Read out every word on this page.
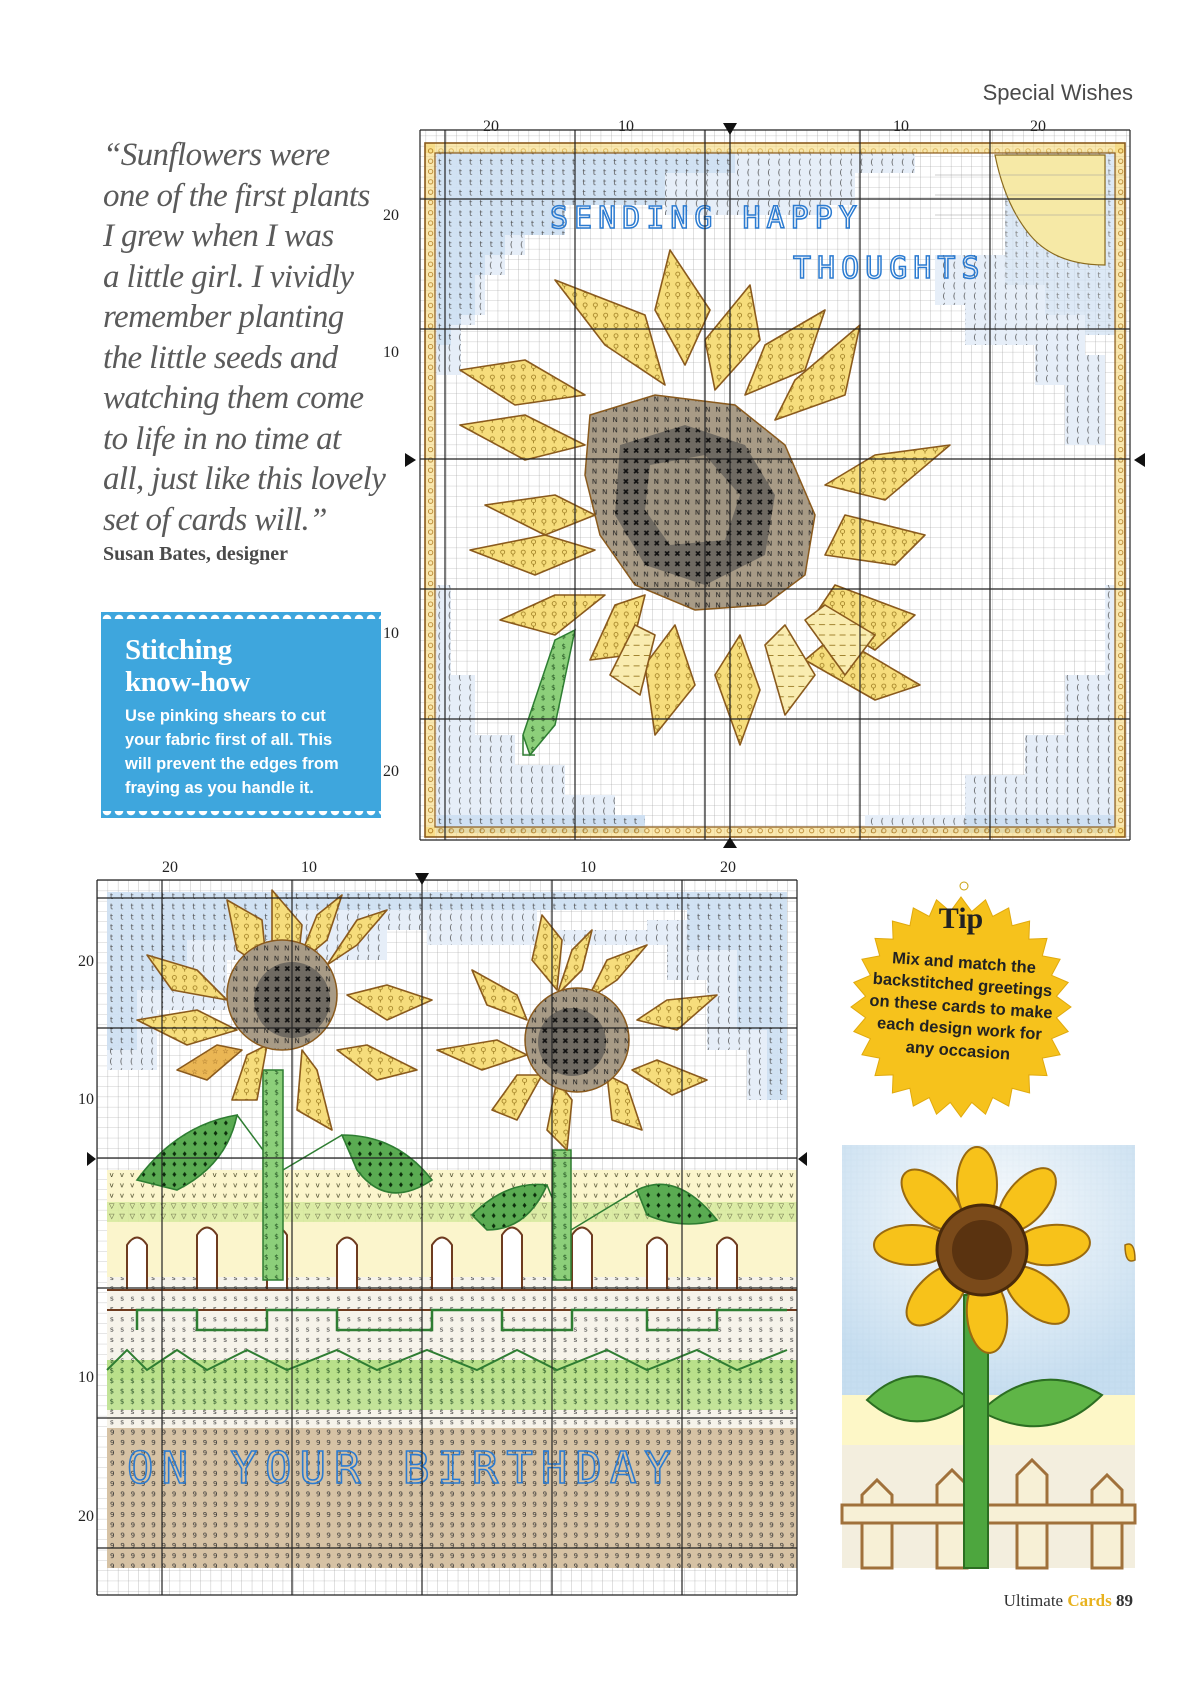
Special Wishes
“Sunflowers were
one of the first plants
I grew when I was
a little girl. I vividly
remember planting
the little seeds and
watching them come
to life in no time at
all, just like this lovely
set of cards will.”
Susan Bates, designer
Stitching
know-how
Use pinking shears to cut
your fabric first of all. This
will prevent the edges from
fraying as you handle it.
SENDING HAPPY
THOUGHTS
20	10	10	20
20
10
10
20
ON YOUR BIRTHDAY
20	10	10	20
20
10
10
20
Tip
Mix and match the
backstitched greetings
on these cards to make
each design work for
any occasion
Ultimate Cards 89
